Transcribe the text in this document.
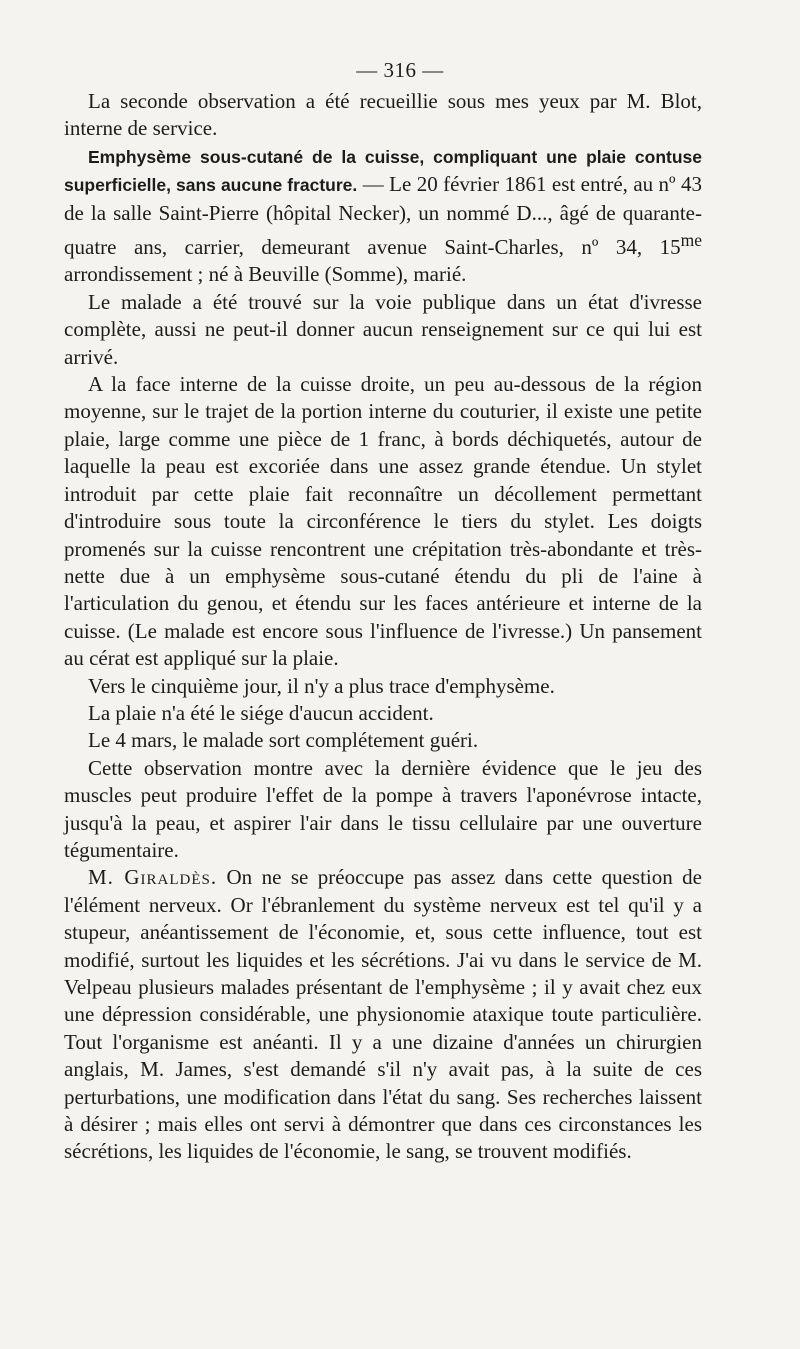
— 316 —

La seconde observation a été recueillie sous mes yeux par M. Blot, interne de service.

Emphysème sous-cutané de la cuisse, compliquant une plaie contuse superficielle, sans aucune fracture. — Le 20 février 1861 est entré, au nº 43 de la salle Saint-Pierre (hôpital Necker), un nommé D..., âgé de quarante-quatre ans, carrier, demeurant avenue Saint-Charles, nº 34, $15^{me}$ arrondissement ; né à Beuville (Somme), marié.

Le malade a été trouvé sur la voie publique dans un état d'ivresse complète, aussi ne peut-il donner aucun renseignement sur ce qui lui est arrivé.

A la face interne de la cuisse droite, un peu au-dessous de la région moyenne, sur le trajet de la portion interne du couturier, il existe une petite plaie, large comme une pièce de 1 franc, à bords déchiquetés, autour de laquelle la peau est excoriée dans une assez grande étendue. Un stylet introduit par cette plaie fait reconnaître un décollement permettant d'introduire sous toute la circonférence le tiers du stylet. Les doigts promenés sur la cuisse rencontrent une crépitation très-abondante et très-nette due à un emphysème sous-cutané étendu du pli de l'aine à l'articulation du genou, et étendu sur les faces antérieure et interne de la cuisse. (Le malade est encore sous l'influence de l'ivresse.) Un pansement au cérat est appliqué sur la plaie.

Vers le cinquième jour, il n'y a plus trace d'emphysème.

La plaie n'a été le siége d'aucun accident.

Le 4 mars, le malade sort complétement guéri.

Cette observation montre avec la dernière évidence que le jeu des muscles peut produire l'effet de la pompe à travers l'aponévrose intacte, jusqu'à la peau, et aspirer l'air dans le tissu cellulaire par une ouverture tégumentaire.

M. Giraldès. On ne se préoccupe pas assez dans cette question de l'élément nerveux. Or l'ébranlement du système nerveux est tel qu'il y a stupeur, anéantissement de l'économie, et, sous cette influence, tout est modifié, surtout les liquides et les sécrétions. J'ai vu dans le service de M. Velpeau plusieurs malades présentant de l'emphysème ; il y avait chez eux une dépression considérable, une physionomie ataxique toute particulière. Tout l'organisme est anéanti. Il y a une dizaine d'années un chirurgien anglais, M. James, s'est demandé s'il n'y avait pas, à la suite de ces perturbations, une modification dans l'état du sang. Ses recherches laissent à désirer ; mais elles ont servi à démontrer que dans ces circonstances les sécrétions, les liquides de l'économie, le sang, se trouvent modifiés.
